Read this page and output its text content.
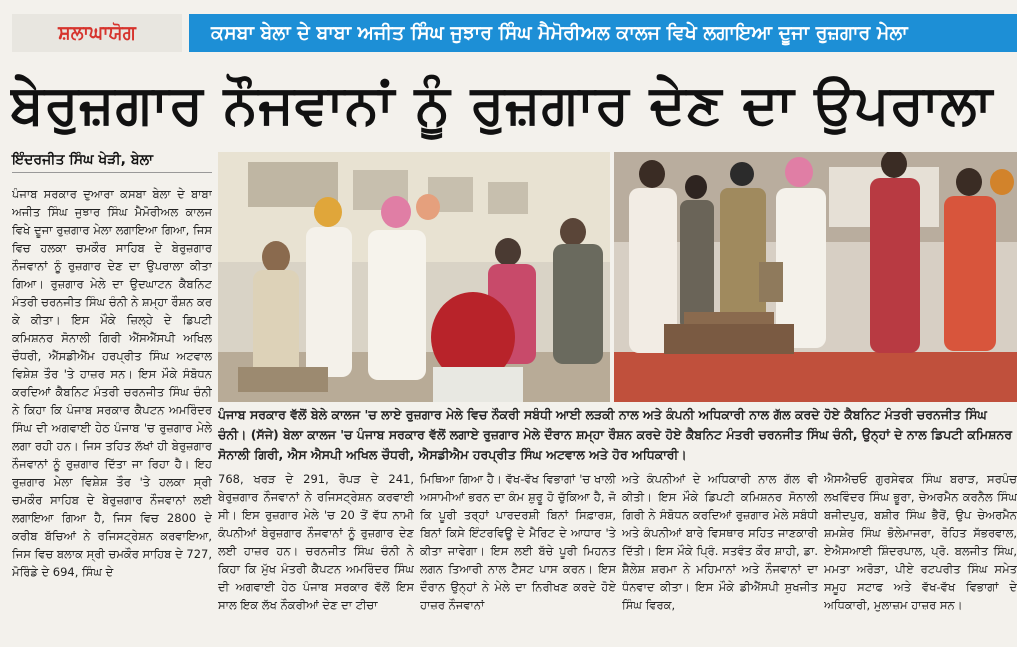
ਸ਼ਲਾਘਾਯੋਗ	ਕਸਬਾ ਬੇਲਾ ਦੇ ਬਾਬਾ ਅਜੀਤ ਸਿੰਘ ਜੁਝਾਰ ਸਿੰਘ ਮੈਮੋਰੀਅਲ ਕਾਲਜ ਵਿਖੇ ਲਗਾਇਆ ਦੂਜਾ ਰੁਜ਼ਗਾਰ ਮੇਲਾ
ਬੇਰੁਜ਼ਗਾਰ ਨੌਜਵਾਨਾਂ ਨੂੰ ਰੁਜ਼ਗਾਰ ਦੇਣ ਦਾ ਉਪਰਾਲਾ
ਇੰਦਰਜੀਤ ਸਿੰਘ ਖੇੜੀ, ਬੇਲਾ
ਪੰਜਾਬ ਸਰਕਾਰ ਦੁਆਰਾ ਕਸਬਾ ਬੇਲਾ ਦੇ ਬਾਬਾ ਅਜੀਤ ਸਿੰਘ ਜੁਝਾਰ ਸਿੰਘ ਮੈਮੋਰੀਅਲ ਕਾਲਜ ਵਿਖੇ ਦੂਜਾ ਰੁਜ਼ਗਾਰ ਮੇਲਾ ਲਗਾਇਆ ਗਿਆ, ਜਿਸ ਵਿਚ ਹਲਕਾ ਚਮਕੌਰ ਸਾਹਿਬ ਦੇ ਬੇਰੁਜ਼ਗਾਰ ਨੌਜਵਾਨਾਂ ਨੂੰ ਰੁਜ਼ਗਾਰ ਦੇਣ ਦਾ ਉਪਰਾਲਾ ਕੀਤਾ ਗਿਆ। ਰੁਜ਼ਗਾਰ ਮੇਲੇ ਦਾ ਉਦਘਾਟਨ ਕੈਬਨਿਟ ਮੰਤਰੀ ਚਰਨਜੀਤ ਸਿੰਘ ਚੰਨੀ ਨੇ ਸ਼ਮ੍ਹਾ ਰੌਸ਼ਨ ਕਰ ਕੇ ਕੀਤਾ। ਇਸ ਮੌਕੇ ਜ਼ਿਲ੍ਹੇ ਦੇ ਡਿਪਟੀ ਕਮਿਸ਼ਨਰ ਸੋਨਾਲੀ ਗਿਰੀ ਐੱਸਐੱਸਪੀ ਅਖਿਲ ਚੌਧਰੀ, ਐੱਸਡੀਐੱਮ ਹਰਪ੍ਰੀਤ ਸਿੰਘ ਅਟਵਾਲ ਵਿਸ਼ੇਸ਼ ਤੌਰ 'ਤੇ ਹਾਜ਼ਰ ਸਨ। ਇਸ ਮੌਕੇ ਸੰਬੋਧਨ ਕਰਦਿਆਂ ਕੈਬਨਿਟ ਮੰਤਰੀ ਚਰਨਜੀਤ ਸਿੰਘ ਚੰਨੀ ਨੇ ਕਿਹਾ ਕਿ ਪੰਜਾਬ ਸਰਕਾਰ ਕੈਪਟਨ ਅਮਰਿੰਦਰ ਸਿੰਘ ਦੀ ਅਗਵਾਈ ਹੇਠ ਪੰਜਾਬ 'ਚ ਰੁਜ਼ਗਾਰ ਮੇਲੇ ਲਗਾ ਰਹੀ ਹਨ। ਜਿਸ ਤਹਿਤ ਲੱਖਾਂ ਹੀ ਬੇਰੁਜ਼ਗਾਰ ਨੌਜਵਾਨਾਂ ਨੂੰ ਰੁਜ਼ਗਾਰ ਦਿੱਤਾ ਜਾ ਰਿਹਾ ਹੈ। ਇਹ ਰੁਜ਼ਗਾਰ ਮੇਲਾ ਵਿਸ਼ੇਸ਼ ਤੌਰ 'ਤੇ ਹਲਕਾ ਸ੍ਰੀ ਚਮਕੌਰ ਸਾਹਿਬ ਦੇ ਬੇਰੁਜ਼ਗਾਰ ਨੌਜਵਾਨਾਂ ਲਈ ਲਗਾਇਆ ਗਿਆ ਹੈ, ਜਿਸ ਵਿਚ 2800 ਦੇ ਕਰੀਬ ਬੱਚਿਆਂ ਨੇ ਰਜਿਸਟ੍ਰੇਸ਼ਨ ਕਰਵਾਇਆ, ਜਿਸ ਵਿਚ ਬਲਾਕ ਸ੍ਰੀ ਚਮਕੌਰ ਸਾਹਿਬ ਦੇ 727, ਮੋਰਿੰਡੇ ਦੇ 694, ਸਿੰਘ ਦੇ
ਪੰਜਾਬ ਸਰਕਾਰ ਵੱਲੋਂ ਬੇਲੇ ਕਾਲਜ 'ਚ ਲਾਏ ਰੁਜ਼ਗਾਰ ਮੇਲੇ ਵਿਚ ਨੌਕਰੀ ਸਬੰਧੀ ਆਈ ਲੜਕੀ ਨਾਲ ਅਤੇ ਕੰਪਨੀ ਅਧਿਕਾਰੀ ਨਾਲ ਗੱਲ ਕਰਦੇ ਹੋਏ ਕੈਬਨਿਟ ਮੰਤਰੀ ਚਰਨਜੀਤ ਸਿੰਘ ਚੰਨੀ। (ਸੱਜੇ) ਬੇਲਾ ਕਾਲਜ 'ਚ ਪੰਜਾਬ ਸਰਕਾਰ ਵੱਲੋਂ ਲਗਾਏ ਰੁਜ਼ਗਾਰ ਮੇਲੇ ਦੌਰਾਨ ਸ਼ਮ੍ਹਾ ਰੌਸ਼ਨ ਕਰਦੇ ਹੋਏ ਕੈਬਨਿਟ ਮੰਤਰੀ ਚਰਨਜੀਤ ਸਿੰਘ ਚੰਨੀ, ਉਨ੍ਹਾਂ ਦੇ ਨਾਲ ਡਿਪਟੀ ਕਮਿਸ਼ਨਰ ਸੋਨਾਲੀ ਗਿਰੀ, ਐਸ ਐਸਪੀ ਅਖਿਲ ਚੌਧਰੀ, ਐਸਡੀਐਮ ਹਰਪ੍ਰੀਤ ਸਿੰਘ ਅਟਵਾਲ ਅਤੇ ਹੋਰ ਅਧਿਕਾਰੀ।
768, ਖਰੜ ਦੇ 291, ਰੋਪੜ ਦੇ 241, ਬੇਰੁਜ਼ਗਾਰ ਨੌਜਵਾਨਾਂ ਨੇ ਰਜਿਸਟ੍ਰੇਸ਼ਨ ਕਰਵਾਈ ਸੀ। ਇਸ ਰੁਜ਼ਗਾਰ ਮੇਲੇ 'ਚ 20 ਤੋਂ ਵੱਧ ਨਾਮੀ ਕੰਪਨੀਆਂ ਬੇਰੁਜ਼ਗਾਰ ਨੌਜਵਾਨਾਂ ਨੂੰ ਰੁਜ਼ਗਾਰ ਦੇਣ ਲਈ ਹਾਜ਼ਰ ਹਨ। ਚਰਨਜੀਤ ਸਿੰਘ ਚੰਨੀ ਨੇ ਕਿਹਾ ਕਿ ਮੁੱਖ ਮੰਤਰੀ ਕੈਪਟਨ ਅਮਰਿੰਦਰ ਸਿੰਘ ਦੀ ਅਗਵਾਈ ਹੇਠ ਪੰਜਾਬ ਸਰਕਾਰ ਵੱਲੋਂ ਇਸ ਸਾਲ ਇਕ ਲੱਖ ਨੌਕਰੀਆਂ ਦੇਣ ਦਾ ਟੀਚਾ
ਮਿਥਿਆ ਗਿਆ ਹੈ। ਵੱਖ-ਵੱਖ ਵਿਭਾਗਾਂ 'ਚ ਖਾਲੀ ਅਸਾਮੀਆਂ ਭਰਨ ਦਾ ਕੰਮ ਸ਼ੁਰੂ ਹੋ ਚੁੱਕਿਆ ਹੈ, ਜੋ ਕਿ ਪੂਰੀ ਤਰ੍ਹਾਂ ਪਾਰਦਰਸ਼ੀ ਬਿਨਾਂ ਸਿਫ਼ਾਰਸ਼, ਬਿਨਾਂ ਕਿਸੇ ਇੰਟਰਵਿਊ ਦੇ ਮੈਰਿਟ ਦੇ ਆਧਾਰ 'ਤੇ ਕੀਤਾ ਜਾਵੇਗਾ। ਇਸ ਲਈ ਬੱਚੇ ਪੂਰੀ ਮਿਹਨਤ ਲਗਨ ਤਿਆਰੀ ਨਾਲ ਟੈਸਟ ਪਾਸ ਕਰਨ। ਇਸ ਦੌਰਾਨ ਉਨ੍ਹਾਂ ਨੇ ਮੇਲੇ ਦਾ ਨਿਰੀਖਣ ਕਰਦੇ ਹੋਏ ਹਾਜ਼ਰ ਨੌਜਵਾਨਾਂ
ਅਤੇ ਕੰਪਨੀਆਂ ਦੇ ਅਧਿਕਾਰੀ ਨਾਲ ਗੱਲ ਵੀ ਕੀਤੀ। ਇਸ ਮੌਕੇ ਡਿਪਟੀ ਕਮਿਸ਼ਨਰ ਸੋਨਾਲੀ ਗਿਰੀ ਨੇ ਸੰਬੋਧਨ ਕਰਦਿਆਂ ਰੁਜ਼ਗਾਰ ਮੇਲੇ ਸਬੰਧੀ ਅਤੇ ਕੰਪਨੀਆਂ ਬਾਰੇ ਵਿਸਥਾਰ ਸਹਿਤ ਜਾਣਕਾਰੀ ਦਿੱਤੀ। ਇਸ ਮੌਕੇ ਪ੍ਰਿੰ. ਸਤਵੰਤ ਕੌਰ ਸ਼ਾਹੀ, ਡਾ. ਸ਼ੈਲੇਸ਼ ਸ਼ਰਮਾ ਨੇ ਮਹਿਮਾਨਾਂ ਅਤੇ ਨੌਜਵਾਨਾਂ ਦਾ ਧੰਨਵਾਦ ਕੀਤਾ। ਇਸ ਮੌਕੇ ਡੀਐੱਸਪੀ ਸੁਖਜੀਤ ਸਿੰਘ ਵਿਰਕ,
ਐਸਐਚਓ ਗੁਰਸੇਵਕ ਸਿੰਘ ਬਰਾੜ, ਸਰਪੰਚ ਲਖਵਿੰਦਰ ਸਿੰਘ ਭੂਰਾ, ਚੇਅਰਮੈਨ ਕਰਨੈਲ ਸਿੰਘ ਬਜੀਦਪੁਰ, ਬਸ਼ੀਰ ਸਿੰਘ ਭੈਰੋਂ, ਉਪ ਚੇਅਰਮੈਨ ਸ਼ਮਸ਼ੇਰ ਸਿੰਘ ਭੋਲੇਮਾਜਰਾ, ਰੋਹਿਤ ਸੱਭਰਵਾਲ, ਏਐਸਆਈ ਸ਼ਿੰਦਰਪਾਲ, ਪ੍ਰੋ. ਬਲਜੀਤ ਸਿੰਘ, ਮਮਤਾ ਅਰੋੜਾ, ਪੀਏ ਰਟਪਰੀਤ ਸਿੰਘ ਸਮੇਤ ਸਮੂਹ ਸਟਾਫ ਅਤੇ ਵੱਖ-ਵੱਖ ਵਿਭਾਗਾਂ ਦੇ ਅਧਿਕਾਰੀ, ਮੁਲਾਜ਼ਮ ਹਾਜ਼ਰ ਸਨ।
